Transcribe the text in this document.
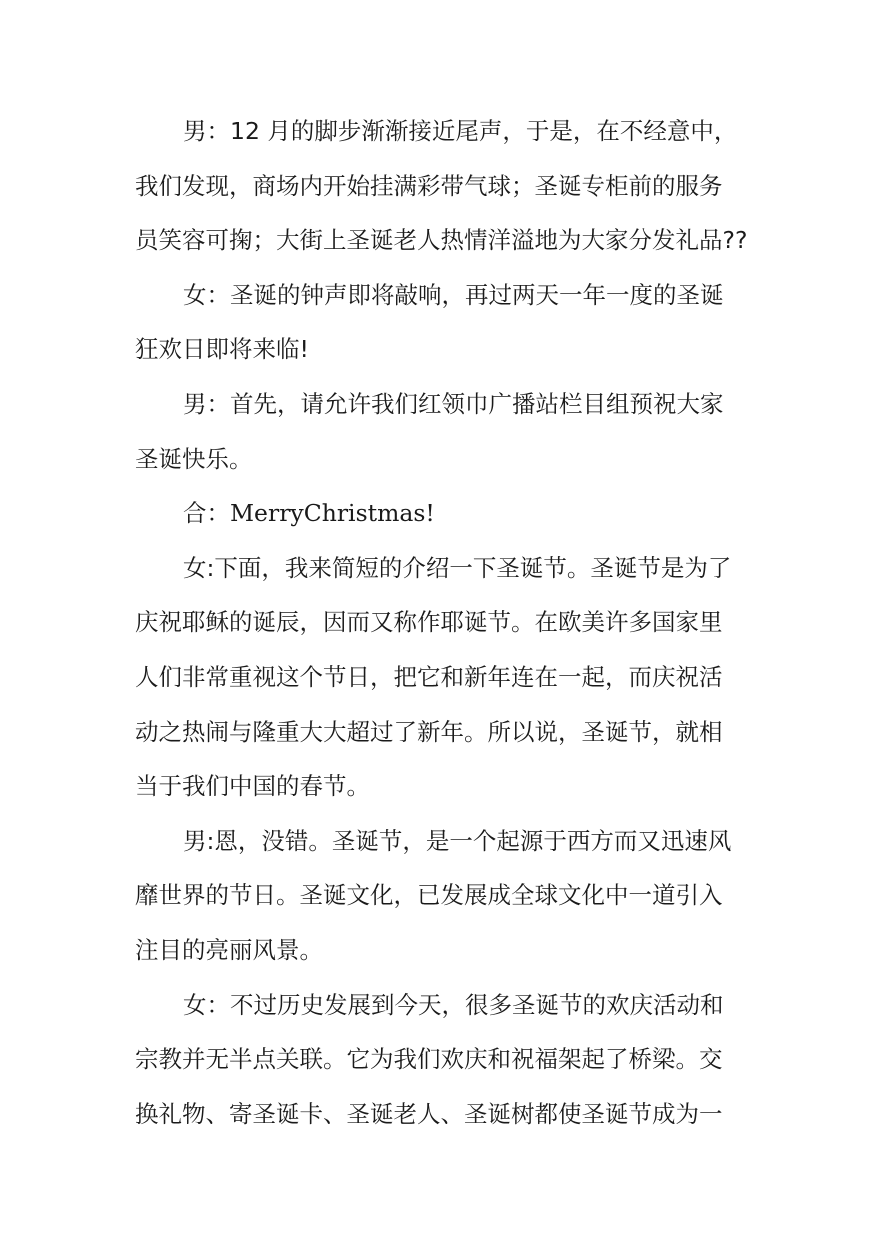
男：12 月的脚步渐渐接近尾声，于是，在不经意中，
我们发现，商场内开始挂满彩带气球；圣诞专柜前的服务
员笑容可掬；大街上圣诞老人热情洋溢地为大家分发礼品??

女：圣诞的钟声即将敲响，再过两天一年一度的圣诞
狂欢日即将来临!

男：首先，请允许我们红领巾广播站栏目组预祝大家
圣诞快乐。

合：MerryChristmas!

女:下面，我来简短的介绍一下圣诞节。圣诞节是为了
庆祝耶稣的诞辰，因而又称作耶诞节。在欧美许多国家里
人们非常重视这个节日，把它和新年连在一起，而庆祝活
动之热闹与隆重大大超过了新年。所以说，圣诞节，就相
当于我们中国的春节。

男:恩，没错。圣诞节，是一个起源于西方而又迅速风
靡世界的节日。圣诞文化，已发展成全球文化中一道引入
注目的亮丽风景。

女：不过历史发展到今天，很多圣诞节的欢庆活动和
宗教并无半点关联。它为我们欢庆和祝福架起了桥梁。交
换礼物、寄圣诞卡、圣诞老人、圣诞树都使圣诞节成为一
